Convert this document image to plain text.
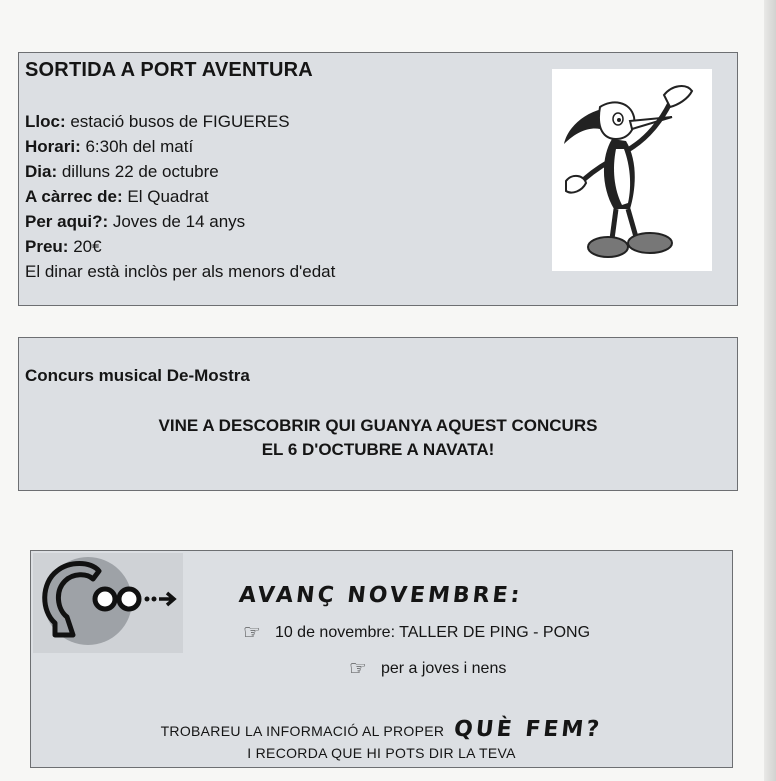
SORTIDA A PORT AVENTURA
Lloc: estació busos de FIGUERES
Horari: 6:30h del matí
Dia: dilluns 22 de octubre
A càrrec de: El Quadrat
Per aqui?: Joves de 14 anys
Preu: 20€
El dinar està inclòs per als menors d'edat
Concurs musical De-Mostra
VINE A DESCOBRIR QUI GUANYA AQUEST CONCURS
EL 6 D'OCTUBRE A NAVATA!
AVANÇ NOVEMBRE:
☞ 10 de novembre: TALLER DE PING - PONG
☞ per a joves i nens
TROBAREU LA INFORMACIÓ AL PROPER QUÈ FEM?
I RECORDA QUE HI POTS DIR LA TEVA
